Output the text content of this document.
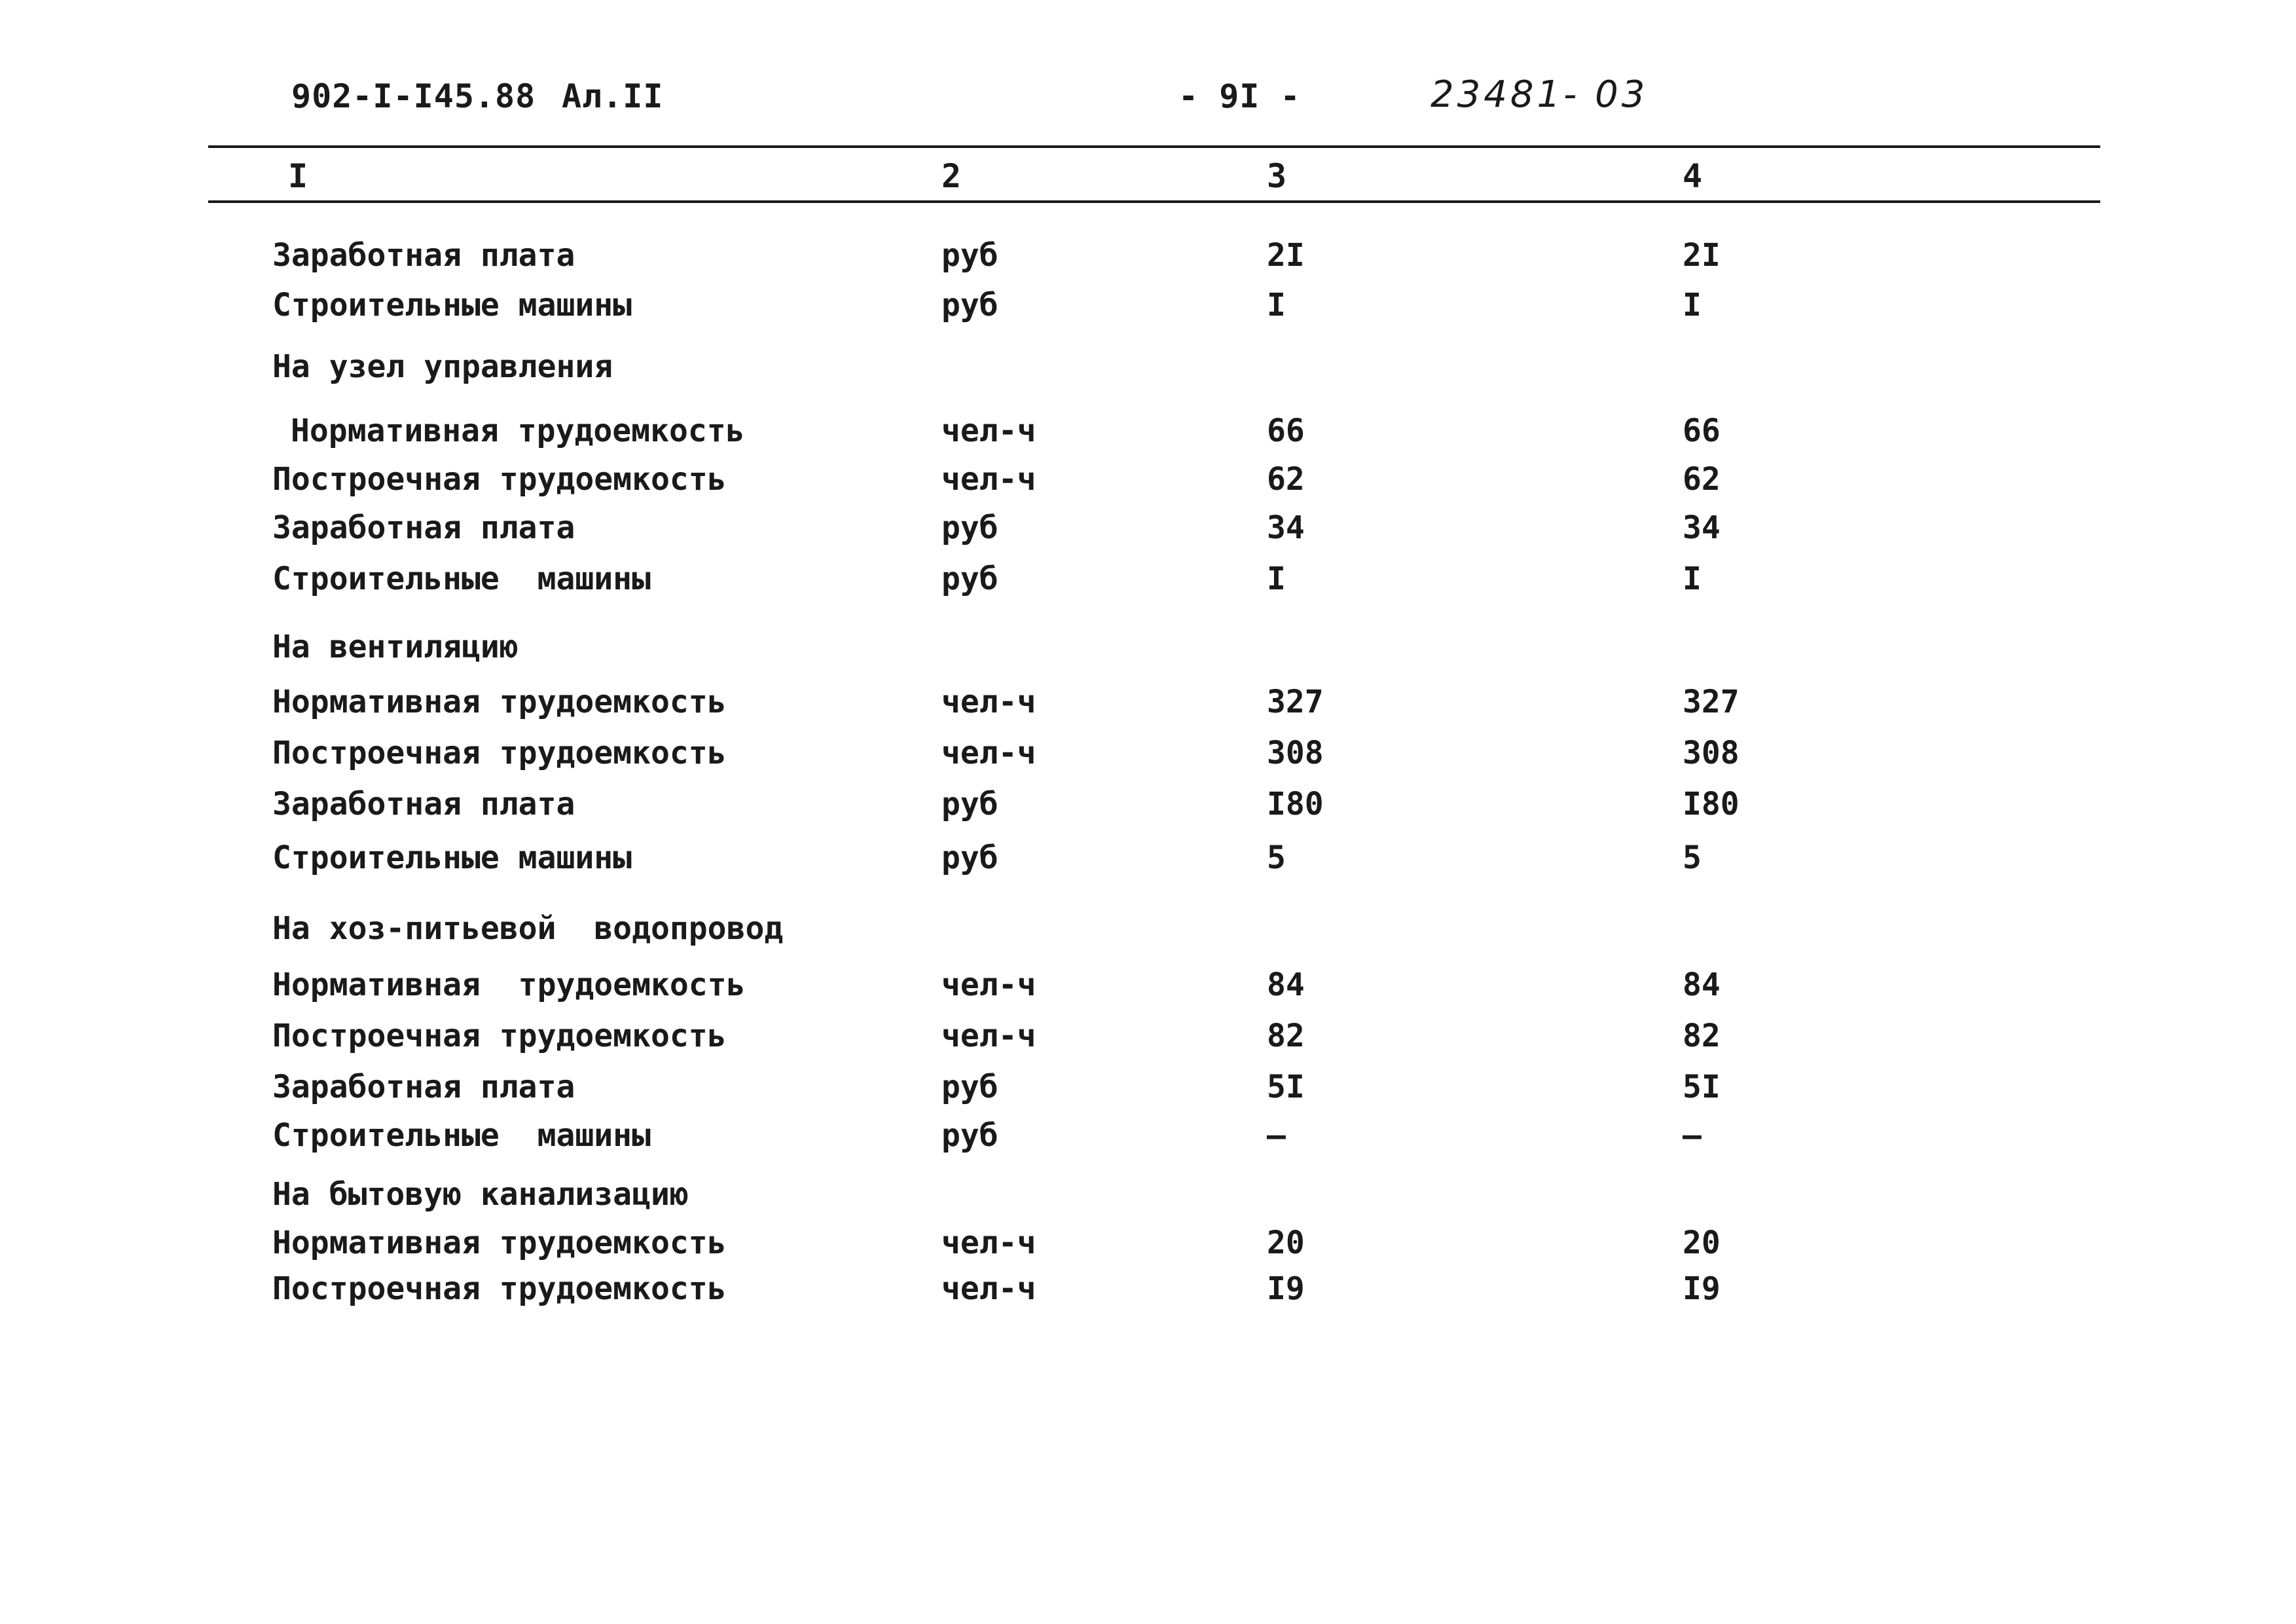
902-I-I45.88 Ал.II	- 9I -	23481- 03
I	2	3	4
Заработная плата	руб	2I	2I
Строительные машины	руб	I	I
На узел управления
Нормативная трудоемкость	чел-ч	66	66
Построечная трудоемкость	чел-ч	62	62
Заработная плата	руб	34	34
Строительные  машины	руб	I	I
На вентиляцию
Нормативная трудоемкость	чел-ч	327	327
Построечная трудоемкость	чел-ч	308	308
Заработная плата	руб	I80	I80
Строительные машины	руб	5	5
На хоз-питьевой  водопровод
Нормативная  трудоемкость	чел-ч	84	84
Построечная трудоемкость	чел-ч	82	82
Заработная плата	руб	5I	5I
Строительные  машины	руб	–	–
На бытовую канализацию
Нормативная трудоемкость	чел-ч	20	20
Построечная трудоемкость	чел-ч	I9	I9
